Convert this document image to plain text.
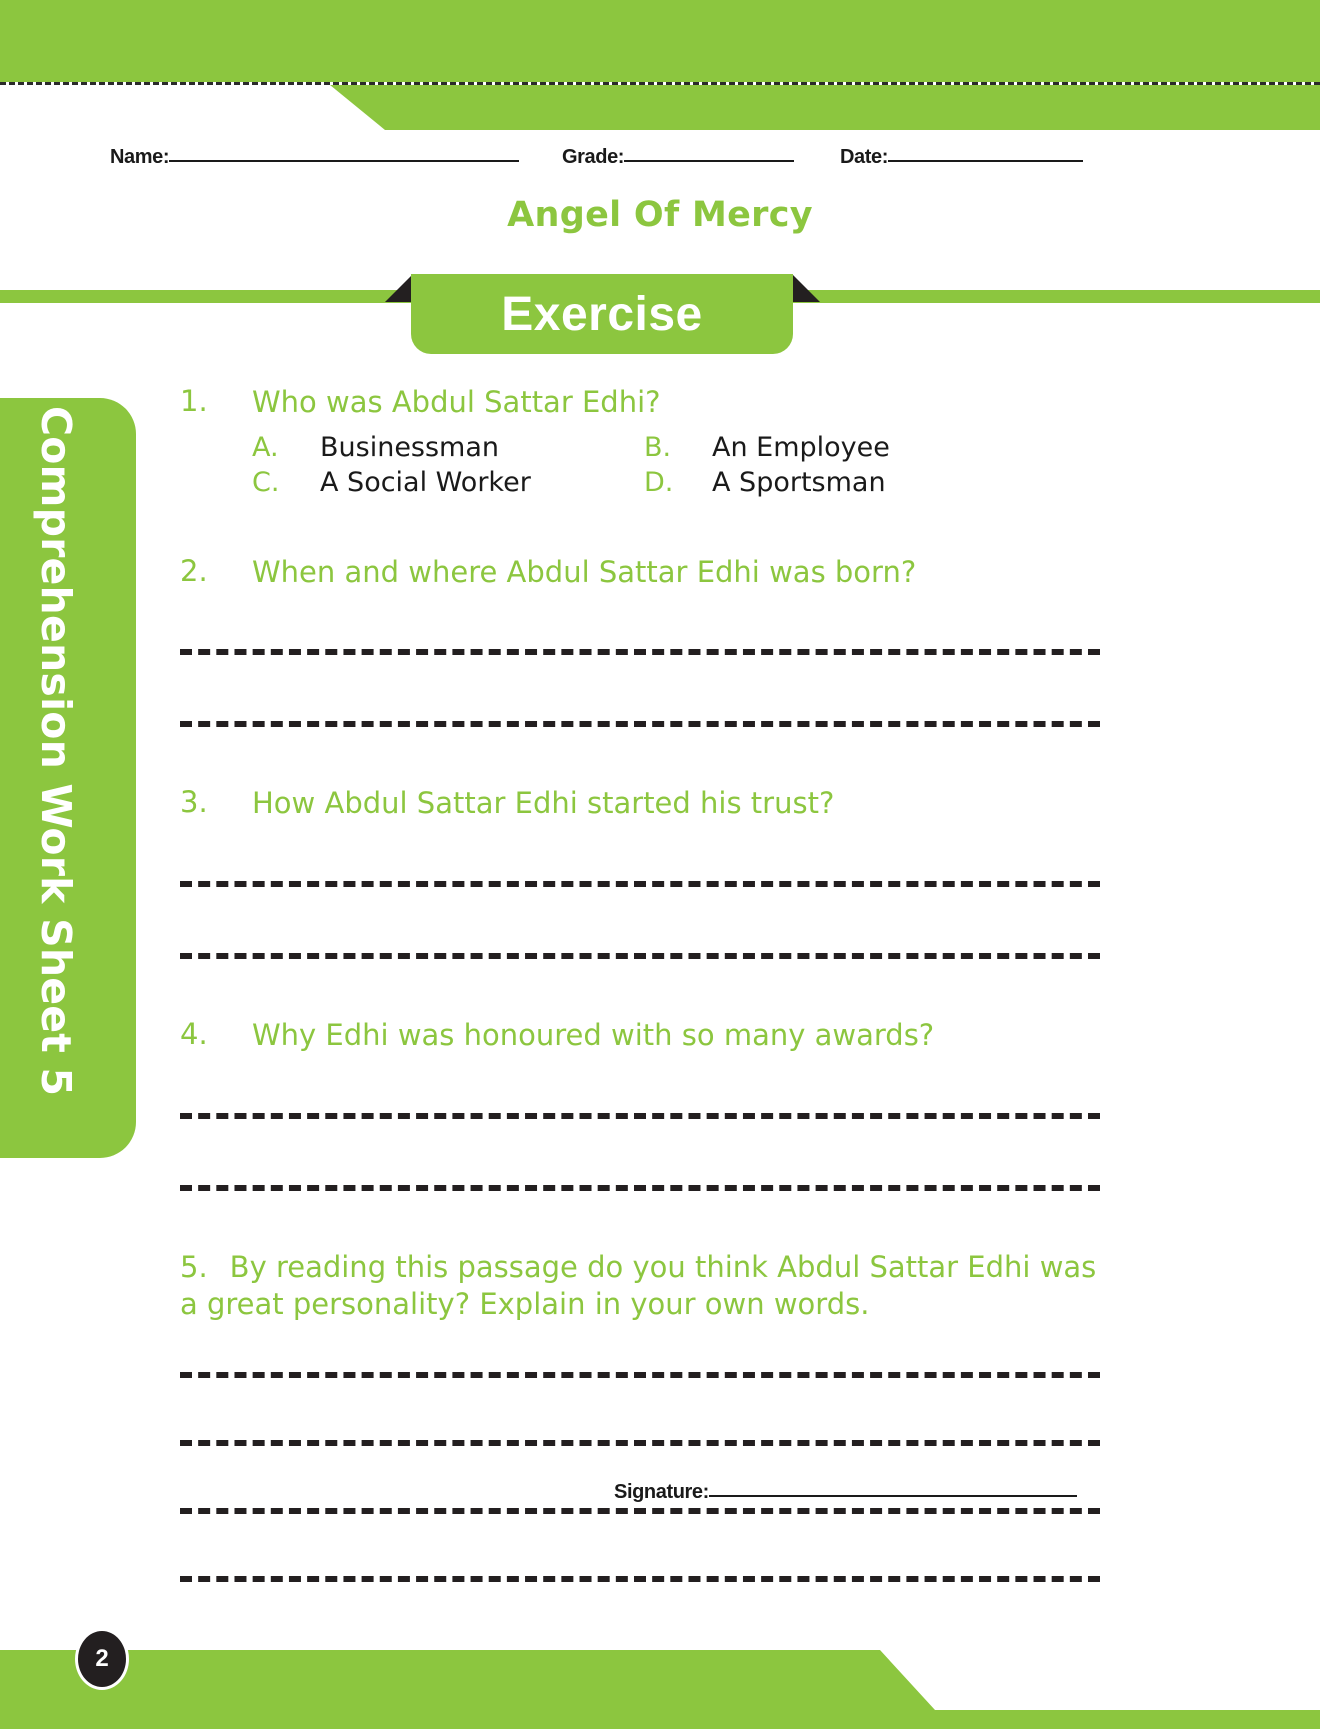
Name:	Grade:	Date:
Angel Of Mercy
Exercise
Comprehension Work Sheet 5
1.	Who was Abdul Sattar Edhi?
A.	Businessman	B.	An Employee
C.	A Social Worker	D.	A Sportsman
2.	When and where Abdul Sattar Edhi was born?
3.	How Abdul Sattar Edhi started his trust?
4.	Why Edhi was honoured with so many awards?
5. By reading this passage do you think Abdul Sattar Edhi was a great personality? Explain in your own words.
Signature:
2
